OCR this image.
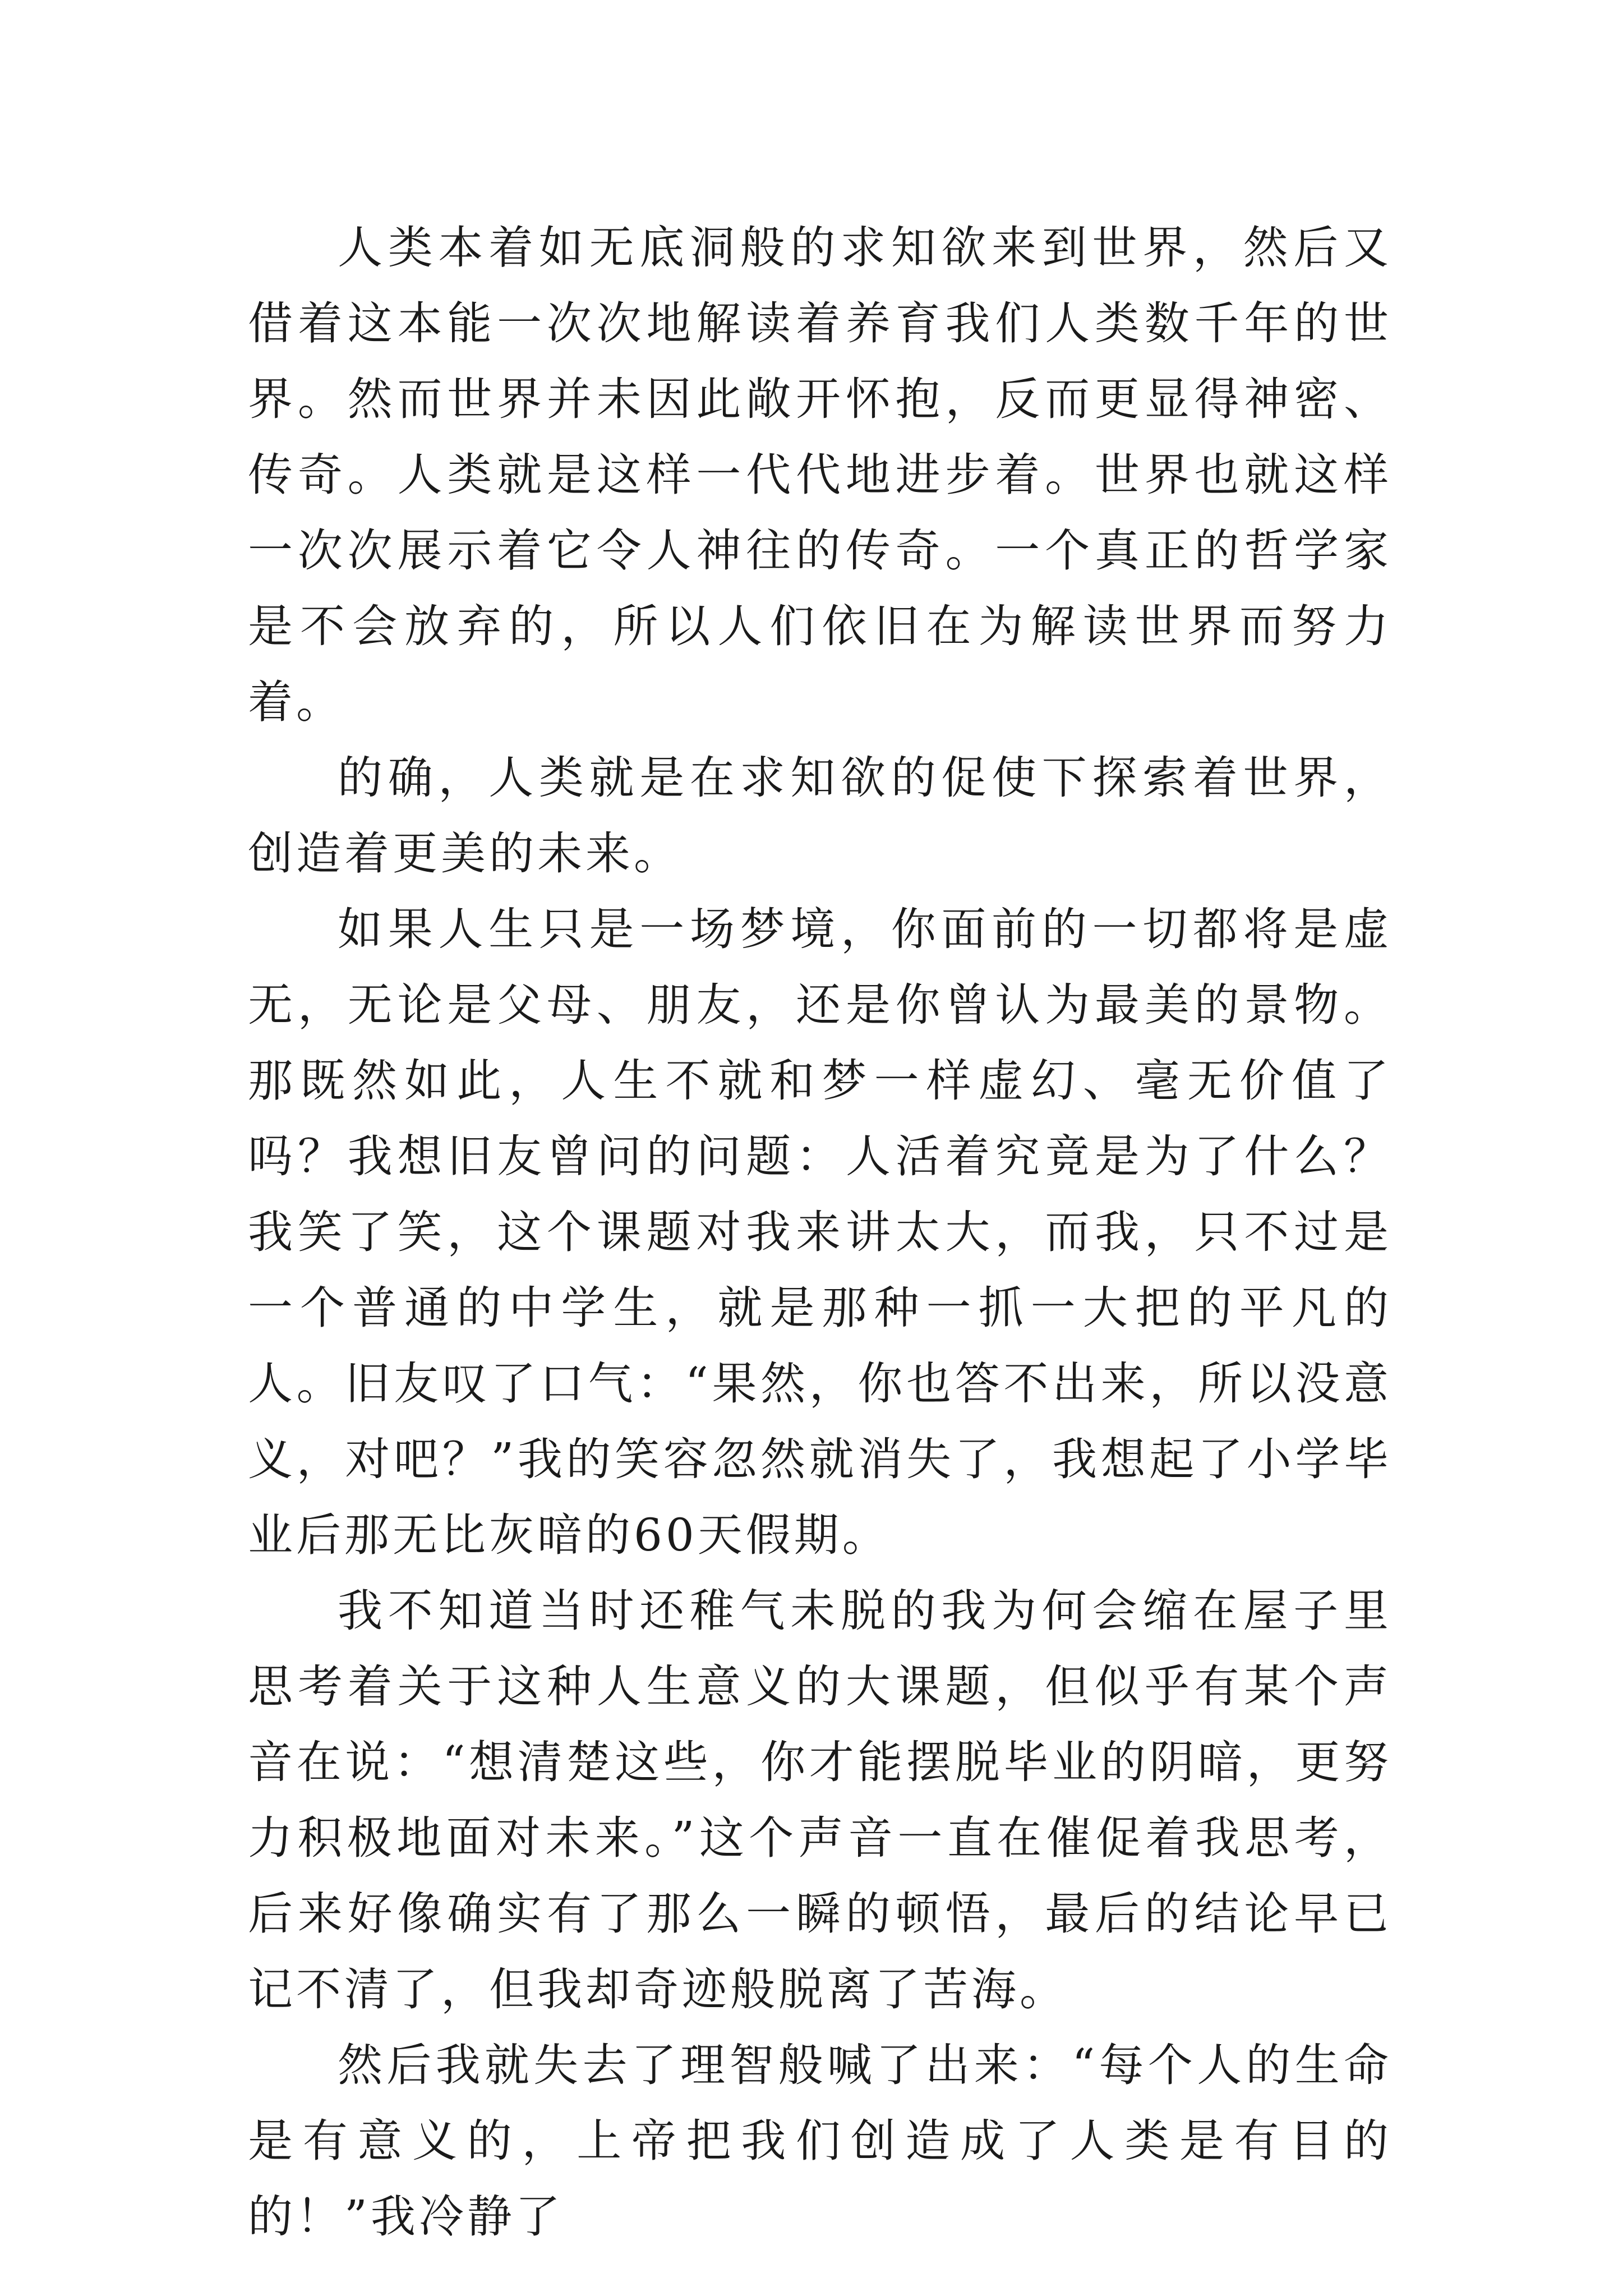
人类本着如无底洞般的求知欲来到世界，然后又借着这本能一次次地解读着养育我们人类数千年的世界。然而世界并未因此敞开怀抱，反而更显得神密、传奇。人类就是这样一代代地进步着。世界也就这样一次次展示着它令人神往的传奇。一个真正的哲学家是不会放弃的，所以人们依旧在为解读世界而努力着。

的确，人类就是在求知欲的促使下探索着世界，创造着更美的未来。

如果人生只是一场梦境，你面前的一切都将是虚无，无论是父母、朋友，还是你曾认为最美的景物。那既然如此，人生不就和梦一样虚幻、毫无价值了吗？我想旧友曾问的问题：人活着究竟是为了什么？我笑了笑，这个课题对我来讲太大，而我，只不过是一个普通的中学生，就是那种一抓一大把的平凡的人。旧友叹了口气：“果然，你也答不出来，所以没意义，对吧？”我的笑容忽然就消失了，我想起了小学毕业后那无比灰暗的60天假期。

我不知道当时还稚气未脱的我为何会缩在屋子里思考着关于这种人生意义的大课题，但似乎有某个声音在说：“想清楚这些，你才能摆脱毕业的阴暗，更努力积极地面对未来。”这个声音一直在催促着我思考，后来好像确实有了那么一瞬的顿悟，最后的结论早已记不清了，但我却奇迹般脱离了苦海。

然后我就失去了理智般喊了出来：“每个人的生命是有意义的，上帝把我们创造成了人类是有目的的！”我冷静了
